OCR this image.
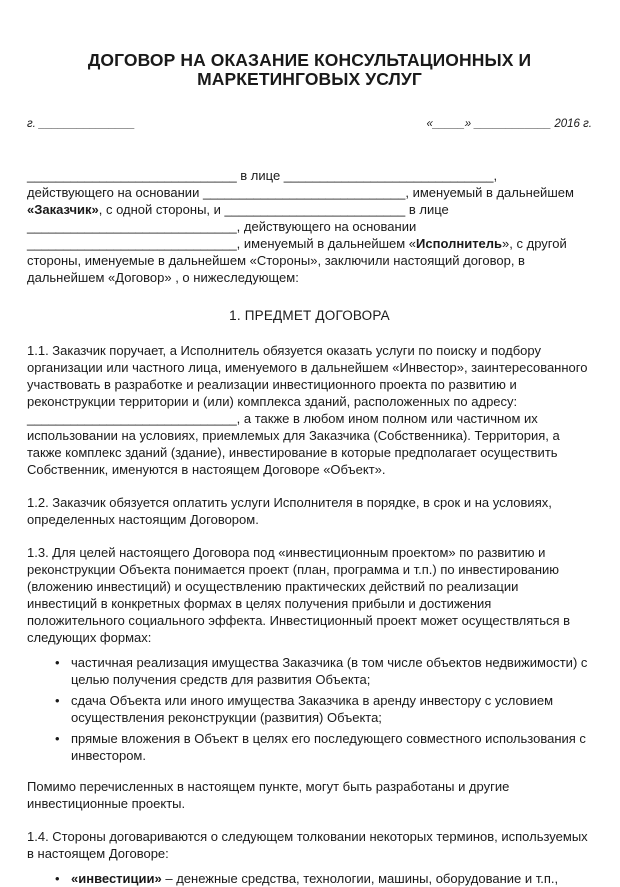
ДОГОВОР НА ОКАЗАНИЕ КОНСУЛЬТАЦИОННЫХ И
МАРКЕТИНГОВЫХ УСЛУГ
г. _______________	«_____» ____________ 2016 г.

_____________________________ в лице _____________________________,

действующего на основании ____________________________, именуемый в дальнейшем

«Заказчик», с одной стороны, и _________________________ в лице

_____________________________, действующего на основании

_____________________________, именуемый в дальнейшем «Исполнитель», с другой

стороны, именуемые в дальнейшем «Стороны», заключили настоящий договор, в

дальнейшем «Договор» , о нижеследующем:

1. ПРЕДМЕТ ДОГОВОРА

1.1. Заказчик поручает, а Исполнитель обязуется оказать услуги по поиску и подбору организации или частного лица, именуемого в дальнейшем «Инвестор», заинтересованного участвовать в разработке и реализации инвестиционного проекта по развитию и реконструкции территории и (или) комплекса зданий, расположенных по адресу: _____________________________, а также в любом ином полном или частичном их использовании на условиях, приемлемых для Заказчика (Собственника). Территория, а также комплекс зданий (здание), инвестирование в которые предполагает осуществить Собственник, именуются в настоящем Договоре «Объект».

1.2. Заказчик обязуется оплатить услуги Исполнителя в порядке, в срок и на условиях, определенных настоящим Договором.

1.3. Для целей настоящего Договора под «инвестиционным проектом» по развитию и реконструкции Объекта понимается проект (план, программа и т.п.) по инвестированию (вложению инвестиций) и осуществлению практических действий по реализации инвестиций в конкретных формах в целях получения прибыли и достижения положительного социального эффекта. Инвестиционный проект может осуществляться в следующих формах:

• частичная реализация имущества Заказчика (в том числе объектов недвижимости) с целью получения средств для развития Объекта;
• сдача Объекта или иного имущества Заказчика в аренду инвестору с условием осуществления реконструкции (развития) Объекта;
• прямые вложения в Объект в целях его последующего совместного использования с инвестором.

Помимо перечисленных в настоящем пункте, могут быть разработаны и другие инвестиционные проекты.

1.4. Стороны договариваются о следующем толковании некоторых терминов, используемых в настоящем Договоре:

• «инвестиции» – денежные средства, технологии, машины, оборудование и т.п.,
